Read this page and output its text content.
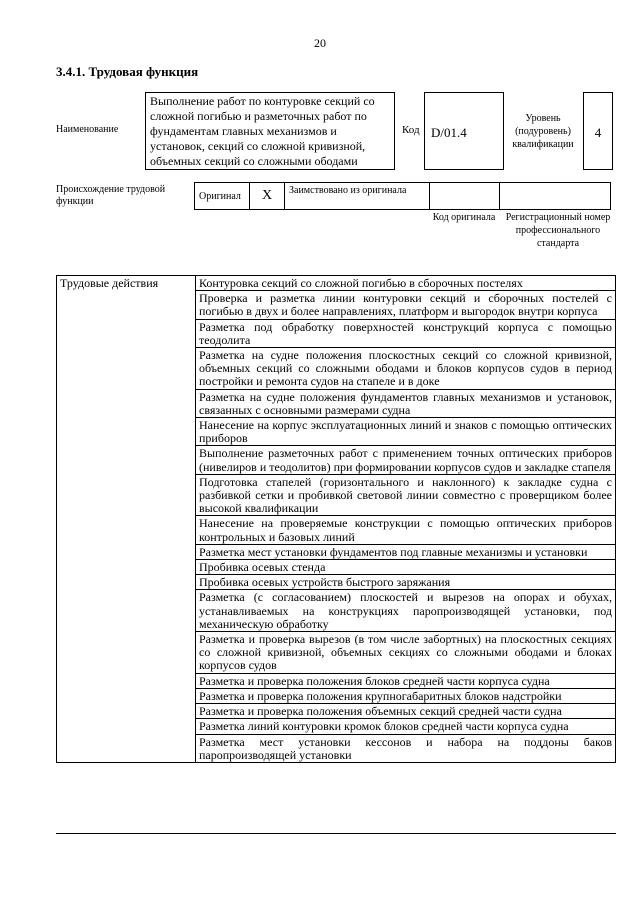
20
3.4.1. Трудовая функция
Наименование
Выполнение работ по контуровке секций со сложной погибью и разметочных работ по фундаментам главных механизмов и установок, секций со сложной кривизной, объемных секций со сложными ободами
Код D/01.4
Уровень (подуровень) квалификации
4
Происхождение трудовой функции	Оригинал	X	Заимствовано из оригинала
Код оригинала	Регистрационный номер профессионального стандарта
Трудовые действия	Контуровка секций со сложной погибью в сборочных постелях
Проверка и разметка линии контуровки секций и сборочных постелей с погибью в двух и более направлениях, платформ и выгородок внутри корпуса
Разметка под обработку поверхностей конструкций корпуса с помощью теодолита
Разметка на судне положения плоскостных секций со сложной кривизной, объемных секций со сложными ободами и блоков корпусов судов в период постройки и ремонта судов на стапеле и в доке
Разметка на судне положения фундаментов главных механизмов и установок, связанных с основными размерами судна
Нанесение на корпус эксплуатационных линий и знаков с помощью оптических приборов
Выполнение разметочных работ с применением точных оптических приборов (нивелиров и теодолитов) при формировании корпусов судов и закладке стапеля
Подготовка стапелей (горизонтального и наклонного) к закладке судна с разбивкой сетки и пробивкой световой линии совместно с проверщиком более высокой квалификации
Нанесение на проверяемые конструкции с помощью оптических приборов контрольных и базовых линий
Разметка мест установки фундаментов под главные механизмы и установки
Пробивка осевых стенда
Пробивка осевых устройств быстрого заряжания
Разметка (с согласованием) плоскостей и вырезов на опорах и обухах, устанавливаемых на конструкциях паропроизводящей установки, под механическую обработку
Разметка и проверка вырезов (в том числе забортных) на плоскостных секциях со сложной кривизной, объемных секциях со сложными ободами и блоках корпусов судов
Разметка и проверка положения блоков средней части корпуса судна
Разметка и проверка положения крупногабаритных блоков надстройки
Разметка и проверка положения объемных секций средней части судна
Разметка линий контуровки кромок блоков средней части корпуса судна
Разметка мест установки кессонов и набора на поддоны баков паропроизводящей установки
